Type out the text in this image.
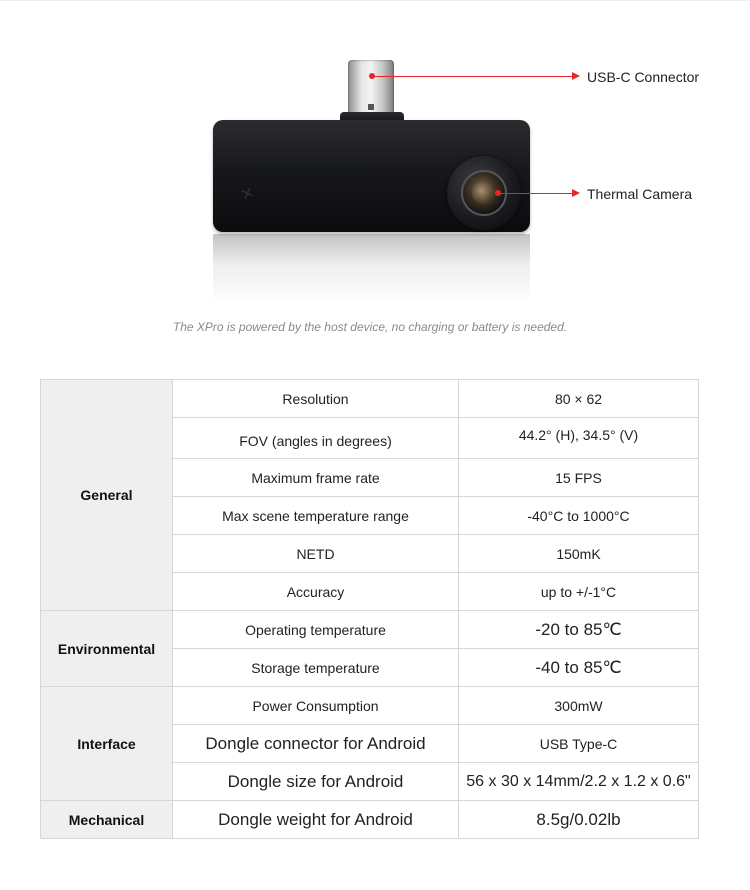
✕
USB-C Connector
Thermal Camera
The XPro is powered by the host device, no charging or battery is needed.
General	Resolution	80 × 62
	FOV (angles in degrees)	44.2° (H), 34.5° (V)
	Maximum frame rate	15 FPS
	Max scene temperature range	-40°C to 1000°C
	NETD	150mK
	Accuracy	up to +/-1°C
Environmental	Operating temperature	-20 to 85℃
	Storage temperature	-40 to 85℃
Interface	Power Consumption	300mW
	Dongle connector for Android	USB Type-C
	Dongle size for Android	56 x 30 x 14mm/2.2 x 1.2 x 0.6"
Mechanical	Dongle weight for Android	8.5g/0.02lb
